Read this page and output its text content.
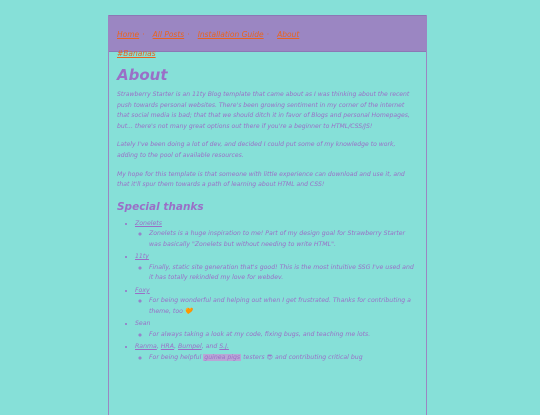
Home · All Posts · Installation Guide · About
#Bananas
About

Strawberry Starter is an 11ty Blog template that came about as I was thinking about the recent push towards personal websites. There's been growing sentiment in my corner of the internet that social media is bad; that that we should ditch it in favor of Blogs and personal Homepages, but... there's not many great options out there if you're a beginner to HTML/CSS/JS!

Lately I've been doing a lot of dev, and decided I could put some of my knowledge to work, adding to the pool of available resources.

My hope for this template is that someone with little experience can download and use it, and that it'll spur them towards a path of learning about HTML and CSS!

Special thanks
• Zonelets
◦ Zonelets is a huge inspiration to me! Part of my design goal for Strawberry Starter was basically "Zonelets but without needing to write HTML".
• 11ty
◦ Finally, static site generation that's good! This is the most intuitive SSG I've used and it has totally rekindled my love for webdev.
• Foxy
◦ For being wonderful and helping out when I get frustrated. Thanks for contributing a theme, too 🧡
• Sean
◦ For always taking a look at my code, fixing bugs, and teaching me lots.
• Ranma, HRA, Bumpel, and S.J.
◦ For being helpful guinea pigs testers 😎 and contributing critical bug
